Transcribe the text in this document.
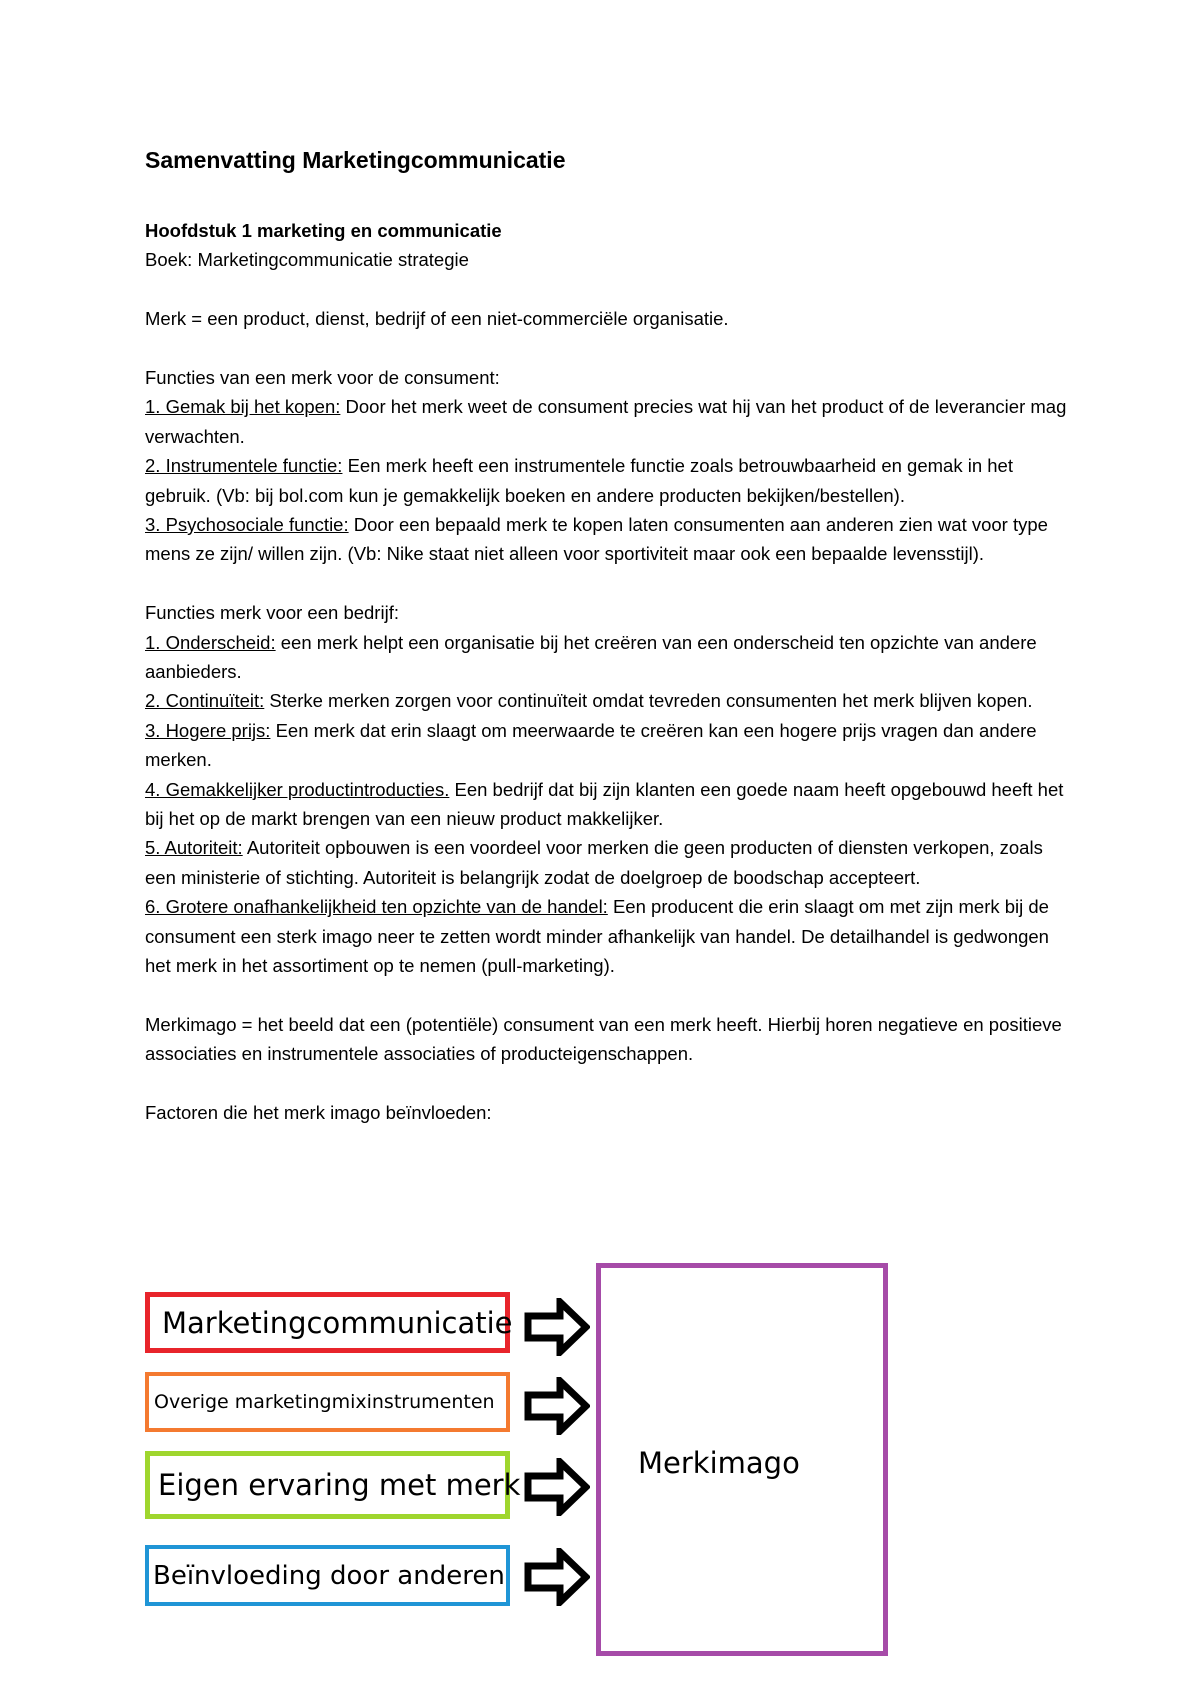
Samenvatting Marketingcommunicatie

Hoofdstuk 1 marketing en communicatie

Boek: Marketingcommunicatie strategie

Merk = een product, dienst, bedrijf of een niet-commerciële organisatie.

Functies van een merk voor de consument:

1. Gemak bij het kopen: Door het merk weet de consument precies wat hij van het product of de leverancier mag verwachten.

2. Instrumentele functie: Een merk heeft een instrumentele functie zoals betrouwbaarheid en gemak in het gebruik. (Vb: bij bol.com kun je gemakkelijk boeken en andere producten bekijken/bestellen).

3. Psychosociale functie: Door een bepaald merk te kopen laten consumenten aan anderen zien wat voor type mens ze zijn/ willen zijn. (Vb: Nike staat niet alleen voor sportiviteit maar ook een bepaalde levensstijl).

Functies merk voor een bedrijf:

1. Onderscheid: een merk helpt een organisatie bij het creëren van een onderscheid ten opzichte van andere aanbieders.

2. Continuïteit: Sterke merken zorgen voor continuïteit omdat tevreden consumenten het merk blijven kopen.

3. Hogere prijs: Een merk dat erin slaagt om meerwaarde te creëren kan een hogere prijs vragen dan andere merken.

4. Gemakkelijker productintroducties. Een bedrijf dat bij zijn klanten een goede naam heeft opgebouwd heeft het bij het op de markt brengen van een nieuw product makkelijker.

5. Autoriteit: Autoriteit opbouwen is een voordeel voor merken die geen producten of diensten verkopen, zoals een ministerie of stichting. Autoriteit is belangrijk zodat de doelgroep de boodschap accepteert.

6. Grotere onafhankelijkheid ten opzichte van de handel: Een producent die erin slaagt om met zijn merk bij de consument een sterk imago neer te zetten wordt minder afhankelijk van handel. De detailhandel is gedwongen het merk in het assortiment op te nemen (pull-marketing).

Merkimago = het beeld dat een (potentiële) consument van een merk heeft. Hierbij horen negatieve en positieve associaties en instrumentele associaties of producteigenschappen.

Factoren die het merk imago beïnvloeden:

Marketingcommunicatie
Overige marketingmixinstrumenten
Eigen ervaring met merk
Beïnvloeding door anderen
Merkimago
